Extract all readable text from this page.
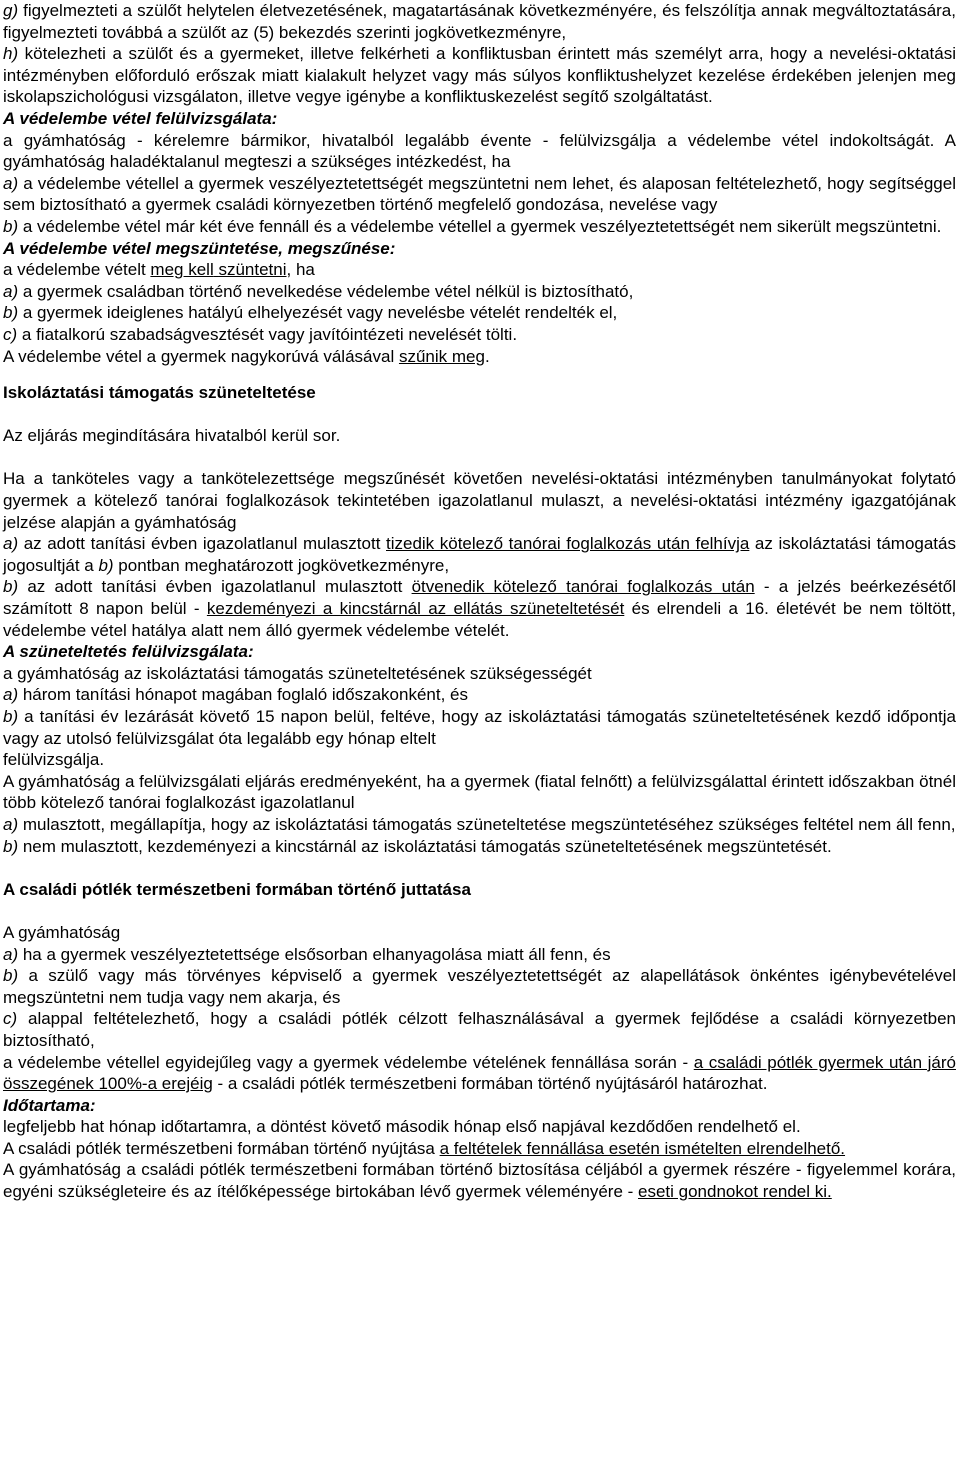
g) figyelmezteti a szülőt helytelen életvezetésének, magatartásának következményére, és felszólítja annak megváltoztatására, figyelmezteti továbbá a szülőt az (5) bekezdés szerinti jogkövetkezményre,

h) kötelezheti a szülőt és a gyermeket, illetve felkérheti a konfliktusban érintett más személyt arra, hogy a nevelési-oktatási intézményben előforduló erőszak miatt kialakult helyzet vagy más súlyos konfliktushelyzet kezelése érdekében jelenjen meg iskolapszichológusi vizsgálaton, illetve vegye igénybe a konfliktuskezelést segítő szolgáltatást.

A védelembe vétel felülvizsgálata:

a gyámhatóság - kérelemre bármikor, hivatalból legalább évente - felülvizsgálja a védelembe vétel indokoltságát. A gyámhatóság haladéktalanul megteszi a szükséges intézkedést, ha

a) a védelembe vétellel a gyermek veszélyeztetettségét megszüntetni nem lehet, és alaposan feltételezhető, hogy segítséggel sem biztosítható a gyermek családi környezetben történő megfelelő gondozása, nevelése vagy

b) a védelembe vétel már két éve fennáll és a védelembe vétellel a gyermek veszélyeztetettségét nem sikerült megszüntetni.

A védelembe vétel megszüntetése, megszűnése:

a védelembe vételt meg kell szüntetni, ha

a) a gyermek családban történő nevelkedése védelembe vétel nélkül is biztosítható,

b) a gyermek ideiglenes hatályú elhelyezését vagy nevelésbe vételét rendelték el,

c) a fiatalkorú szabadságvesztését vagy javítóintézeti nevelését tölti.

A védelembe vétel a gyermek nagykorúvá válásával szűnik meg.

Iskoláztatási támogatás szüneteltetése

Az eljárás megindítására hivatalból kerül sor.

Ha a tanköteles vagy a tankötelezettsége megszűnését követően nevelési-oktatási intézményben tanulmányokat folytató gyermek a kötelező tanórai foglalkozások tekintetében igazolatlanul mulaszt, a nevelési-oktatási intézmény igazgatójának jelzése alapján a gyámhatóság

a) az adott tanítási évben igazolatlanul mulasztott tizedik kötelező tanórai foglalkozás után felhívja az iskoláztatási támogatás jogosultját a b) pontban meghatározott jogkövetkezményre,

b) az adott tanítási évben igazolatlanul mulasztott ötvenedik kötelező tanórai foglalkozás után - a jelzés beérkezésétől számított 8 napon belül - kezdeményezi a kincstárnál az ellátás szüneteltetését és elrendeli a 16. életévét be nem töltött, védelembe vétel hatálya alatt nem álló gyermek védelembe vételét.

A szüneteltetés felülvizsgálata:

a gyámhatóság az iskoláztatási támogatás szüneteltetésének szükségességét

a) három tanítási hónapot magában foglaló időszakonként, és

b) a tanítási év lezárását követő 15 napon belül, feltéve, hogy az iskoláztatási támogatás szüneteltetésének kezdő időpontja vagy az utolsó felülvizsgálat óta legalább egy hónap eltelt

felülvizsgálja.

A gyámhatóság a felülvizsgálati eljárás eredményeként, ha a gyermek (fiatal felnőtt) a felülvizsgálattal érintett időszakban ötnél több kötelező tanórai foglalkozást igazolatlanul

a) mulasztott, megállapítja, hogy az iskoláztatási támogatás szüneteltetése megszüntetéséhez szükséges feltétel nem áll fenn,

b) nem mulasztott, kezdeményezi a kincstárnál az iskoláztatási támogatás szüneteltetésének megszüntetését.

A családi pótlék természetbeni formában történő juttatása

A gyámhatóság

a) ha a gyermek veszélyeztetettsége elsősorban elhanyagolása miatt áll fenn, és

b) a szülő vagy más törvényes képviselő a gyermek veszélyeztetettségét az alapellátások önkéntes igénybevételével megszüntetni nem tudja vagy nem akarja, és

c) alappal feltételezhető, hogy a családi pótlék célzott felhasználásával a gyermek fejlődése a családi környezetben biztosítható,

a védelembe vétellel egyidejűleg vagy a gyermek védelembe vételének fennállása során - a családi pótlék gyermek után járó összegének 100%-a erejéig - a családi pótlék természetbeni formában történő nyújtásáról határozhat.

Időtartama:

legfeljebb hat hónap időtartamra, a döntést követő második hónap első napjával kezdődően rendelhető el.

A családi pótlék természetbeni formában történő nyújtása a feltételek fennállása esetén ismételten elrendelhető.

A gyámhatóság a családi pótlék természetbeni formában történő biztosítása céljából a gyermek részére - figyelemmel korára, egyéni szükségleteire és az ítélőképessége birtokában lévő gyermek véleményére - eseti gondnokot rendel ki.
